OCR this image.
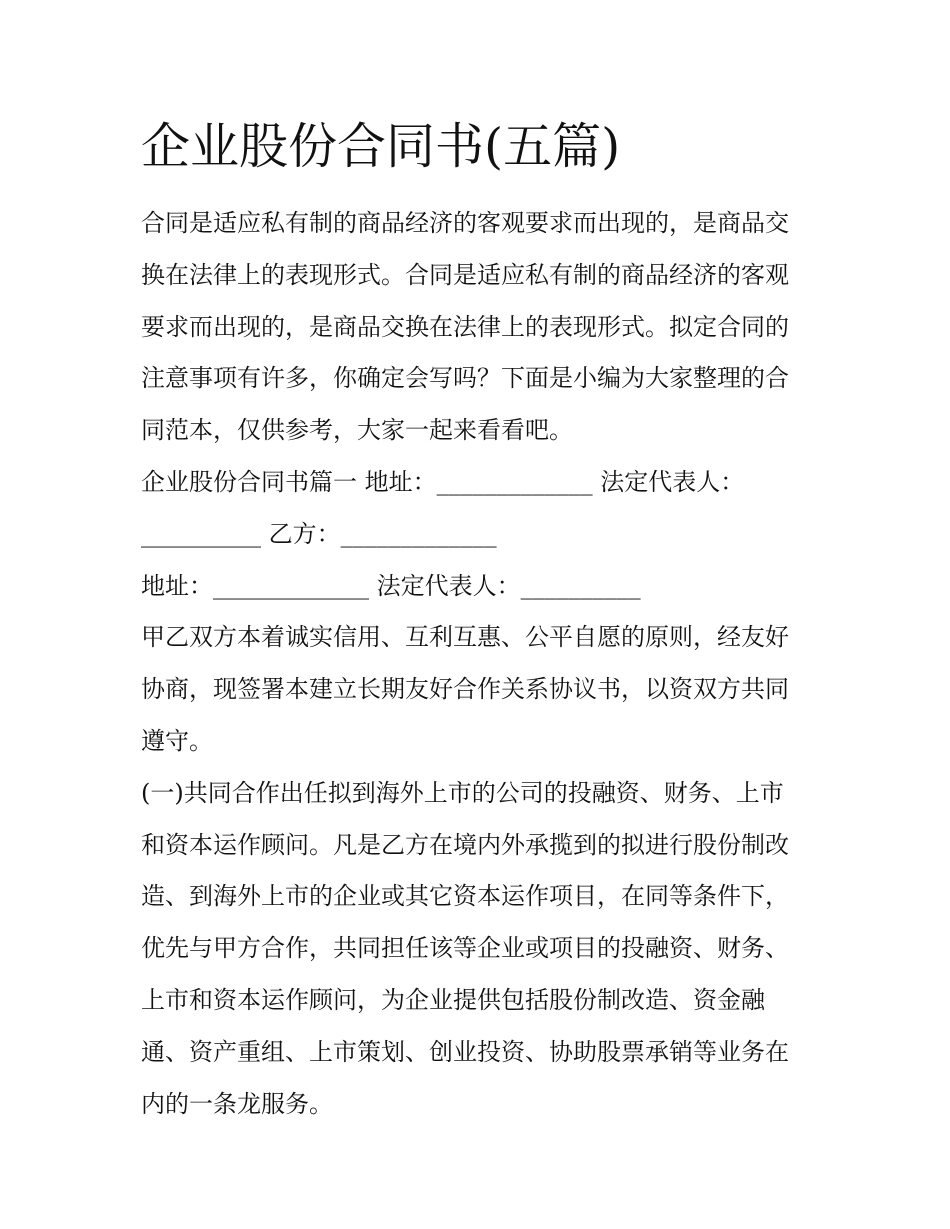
企业股份合同书(五篇)
合同是适应私有制的商品经济的客观要求而出现的，是商品交
换在法律上的表现形式。合同是适应私有制的商品经济的客观
要求而出现的，是商品交换在法律上的表现形式。拟定合同的
注意事项有许多，你确定会写吗？下面是小编为大家整理的合
同范本，仅供参考，大家一起来看看吧。
企业股份合同书篇一 地址：_____________ 法定代表人：
__________ 乙方：_____________
地址：_____________ 法定代表人：__________
甲乙双方本着诚实信用、互利互惠、公平自愿的原则，经友好
协商，现签署本建立长期友好合作关系协议书，以资双方共同
遵守。
(一)共同合作出任拟到海外上市的公司的投融资、财务、上市
和资本运作顾问。凡是乙方在境内外承揽到的拟进行股份制改
造、到海外上市的企业或其它资本运作项目，在同等条件下，
优先与甲方合作，共同担任该等企业或项目的投融资、财务、
上市和资本运作顾问，为企业提供包括股份制改造、资金融
通、资产重组、上市策划、创业投资、协助股票承销等业务在
内的一条龙服务。
